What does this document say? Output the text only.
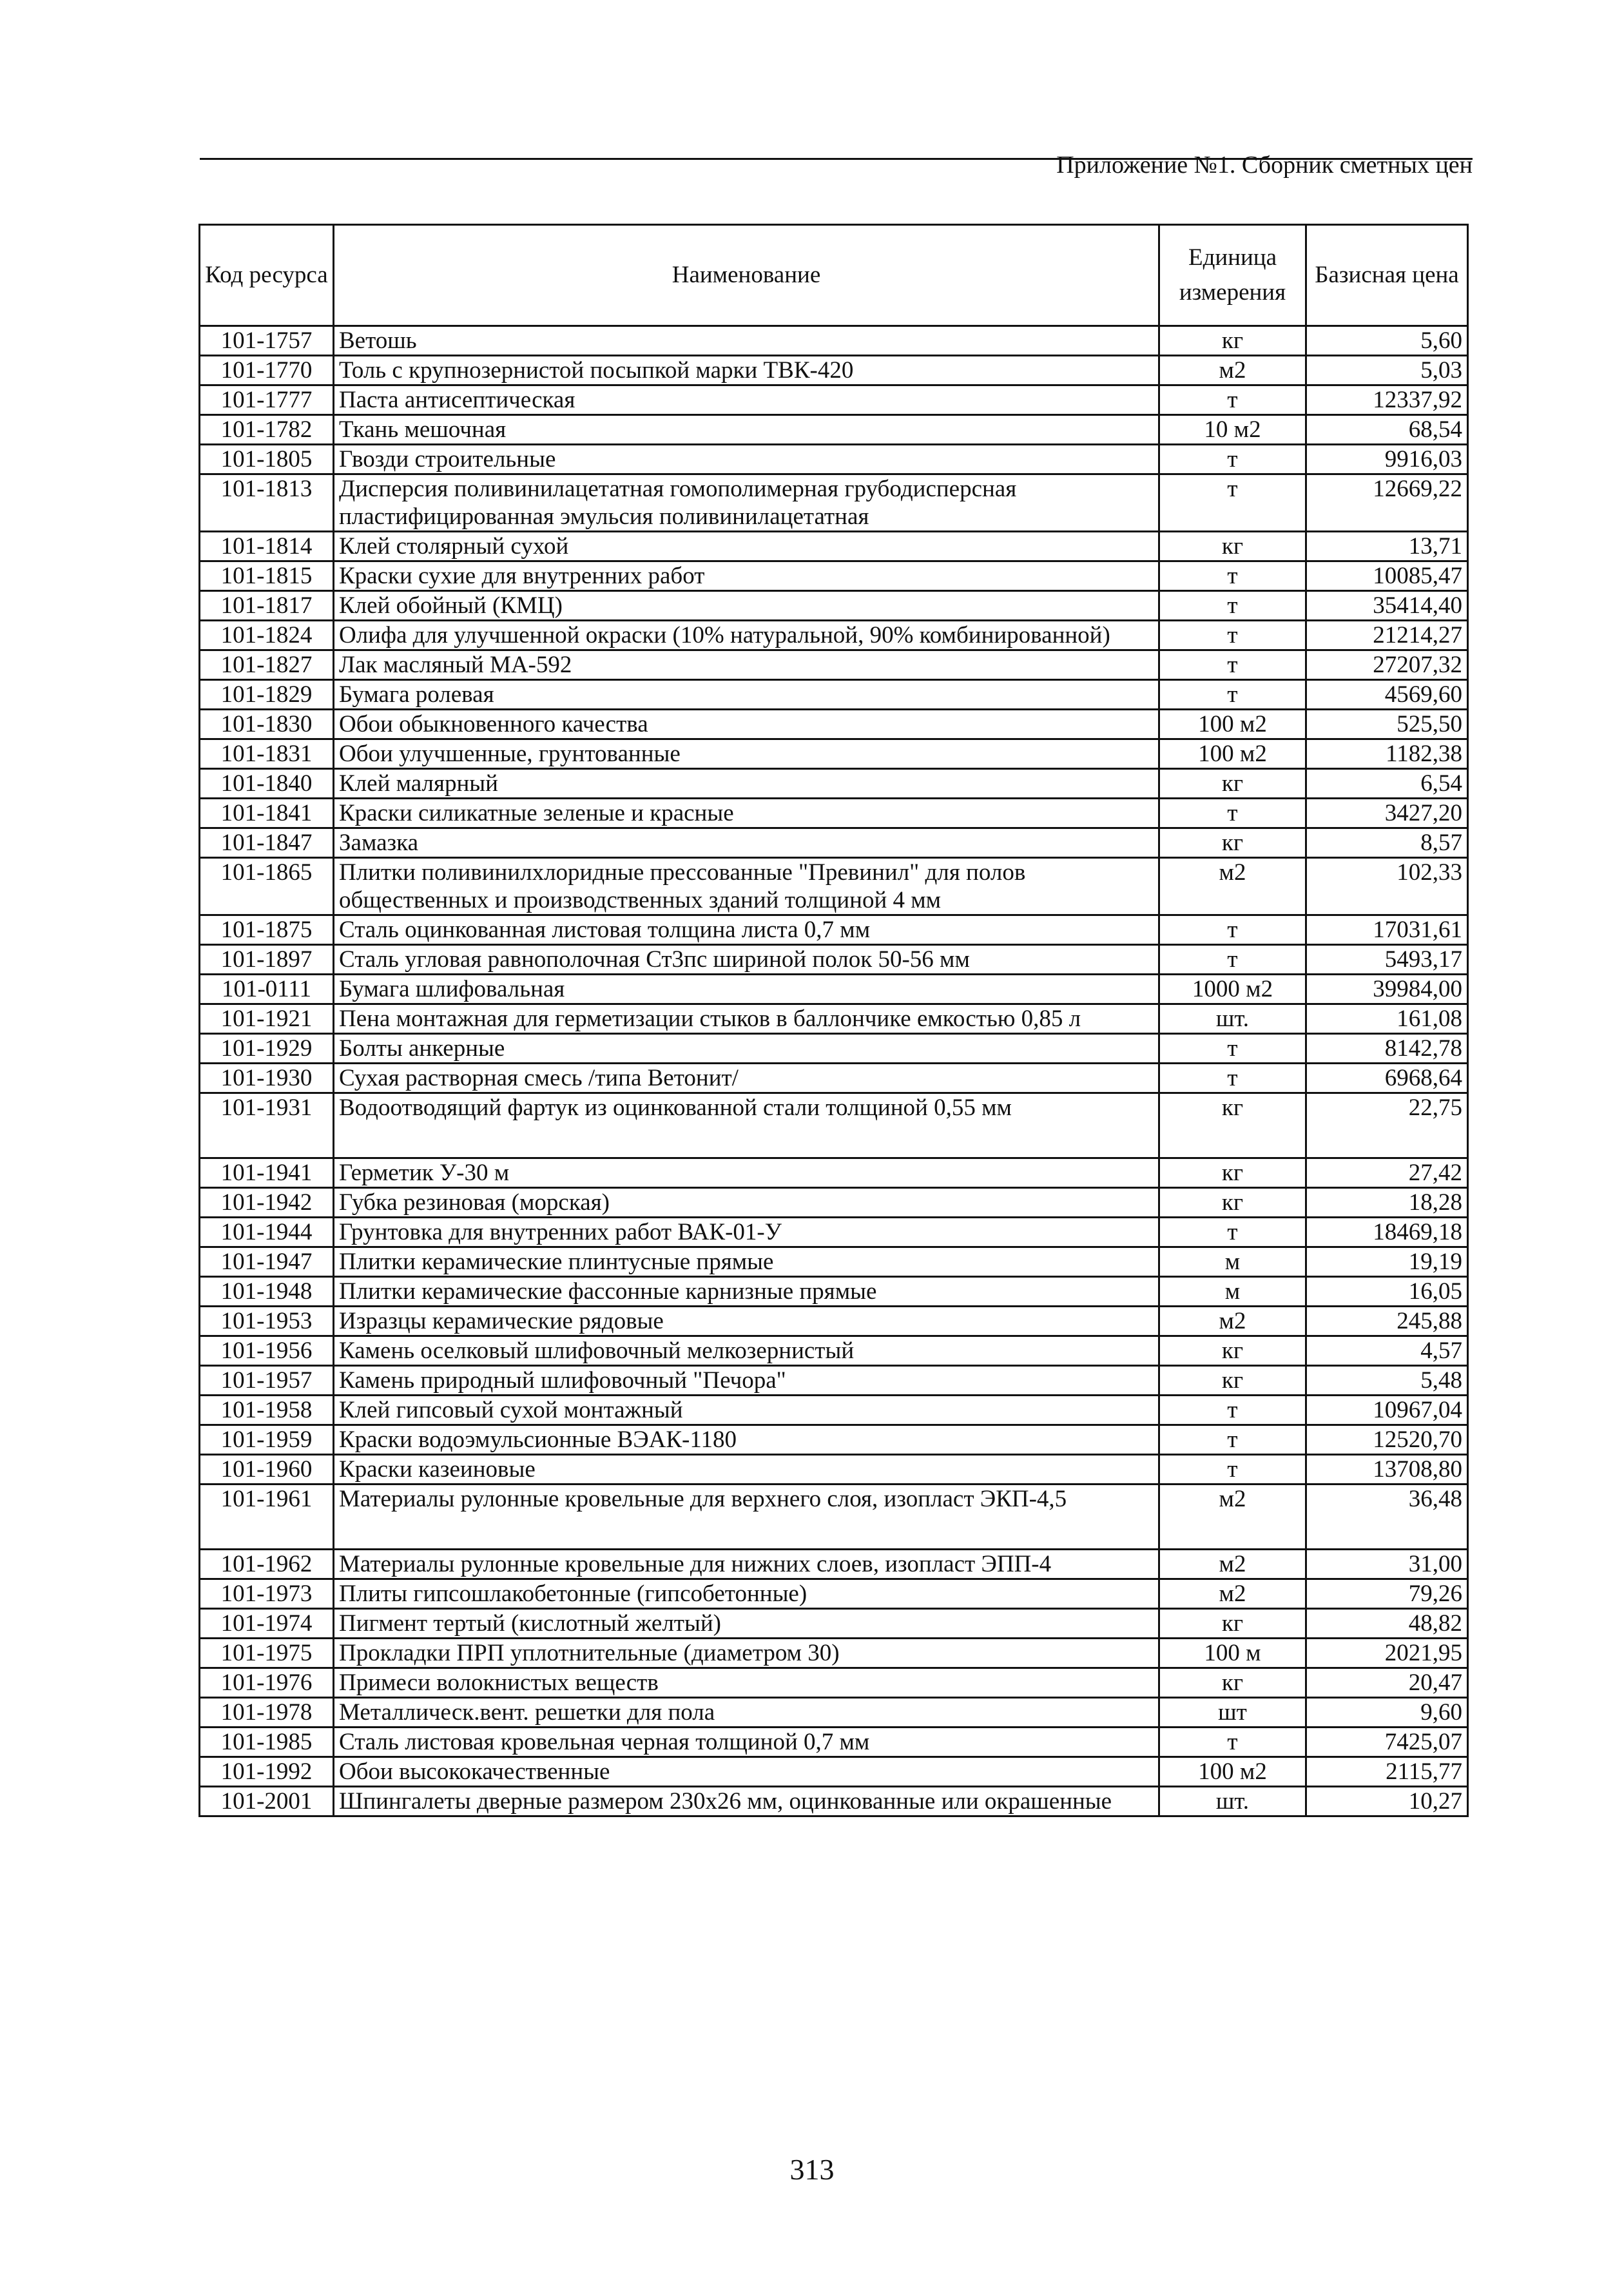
Приложение №1. Сборник сметных цен
Код ресурса	Наименование	Единица измерения	Базисная цена
101-1757	Ветошь	кг	5,60
101-1770	Толь с крупнозернистой посыпкой марки ТВК-420	м2	5,03
101-1777	Паста антисептическая	т	12337,92
101-1782	Ткань мешочная	10 м2	68,54
101-1805	Гвозди строительные	т	9916,03
101-1813	Дисперсия поливинилацетатная гомополимерная грубодисперсная пластифицированная эмульсия поливинилацетатная	т	12669,22
101-1814	Клей столярный сухой	кг	13,71
101-1815	Краски сухие для внутренних работ	т	10085,47
101-1817	Клей обойный (КМЦ)	т	35414,40
101-1824	Олифа для улучшенной окраски (10% натуральной, 90% комбинированной)	т	21214,27
101-1827	Лак масляный МА-592	т	27207,32
101-1829	Бумага ролевая	т	4569,60
101-1830	Обои обыкновенного качества	100 м2	525,50
101-1831	Обои улучшенные, грунтованные	100 м2	1182,38
101-1840	Клей малярный	кг	6,54
101-1841	Краски силикатные зеленые и красные	т	3427,20
101-1847	Замазка	кг	8,57
101-1865	Плитки поливинилхлоридные прессованные "Превинил" для полов общественных и производственных зданий толщиной 4 мм	м2	102,33
101-1875	Сталь оцинкованная листовая толщина листа 0,7 мм	т	17031,61
101-1897	Сталь угловая равнополочная Ст3пс шириной полок 50-56 мм	т	5493,17
101-0111	Бумага шлифовальная	1000 м2	39984,00
101-1921	Пена монтажная для герметизации стыков в баллончике емкостью 0,85 л	шт.	161,08
101-1929	Болты анкерные	т	8142,78
101-1930	Сухая растворная смесь /типа Ветонит/	т	6968,64
101-1931	Водоотводящий фартук из оцинкованной стали толщиной 0,55 мм	кг	22,75
101-1941	Герметик У-30 м	кг	27,42
101-1942	Губка резиновая (морская)	кг	18,28
101-1944	Грунтовка для внутренних работ ВАК-01-У	т	18469,18
101-1947	Плитки керамические плинтусные прямые	м	19,19
101-1948	Плитки керамические фассонные карнизные прямые	м	16,05
101-1953	Изразцы керамические рядовые	м2	245,88
101-1956	Камень оселковый шлифовочный мелкозернистый	кг	4,57
101-1957	Камень природный шлифовочный "Печора"	кг	5,48
101-1958	Клей гипсовый сухой монтажный	т	10967,04
101-1959	Краски водоэмульсионные ВЭАК-1180	т	12520,70
101-1960	Краски казеиновые	т	13708,80
101-1961	Материалы рулонные кровельные для верхнего слоя, изопласт ЭКП-4,5	м2	36,48
101-1962	Материалы рулонные кровельные для нижних слоев, изопласт ЭПП-4	м2	31,00
101-1973	Плиты гипсошлакобетонные (гипсобетонные)	м2	79,26
101-1974	Пигмент тертый (кислотный желтый)	кг	48,82
101-1975	Прокладки ПРП уплотнительные (диаметром 30)	100 м	2021,95
101-1976	Примеси волокнистых веществ	кг	20,47
101-1978	Металлическ.вент. решетки для пола	шт	9,60
101-1985	Сталь листовая кровельная черная толщиной 0,7 мм	т	7425,07
101-1992	Обои высококачественные	100 м2	2115,77
101-2001	Шпингалеты дверные размером 230х26 мм, оцинкованные или окрашенные	шт.	10,27
313
